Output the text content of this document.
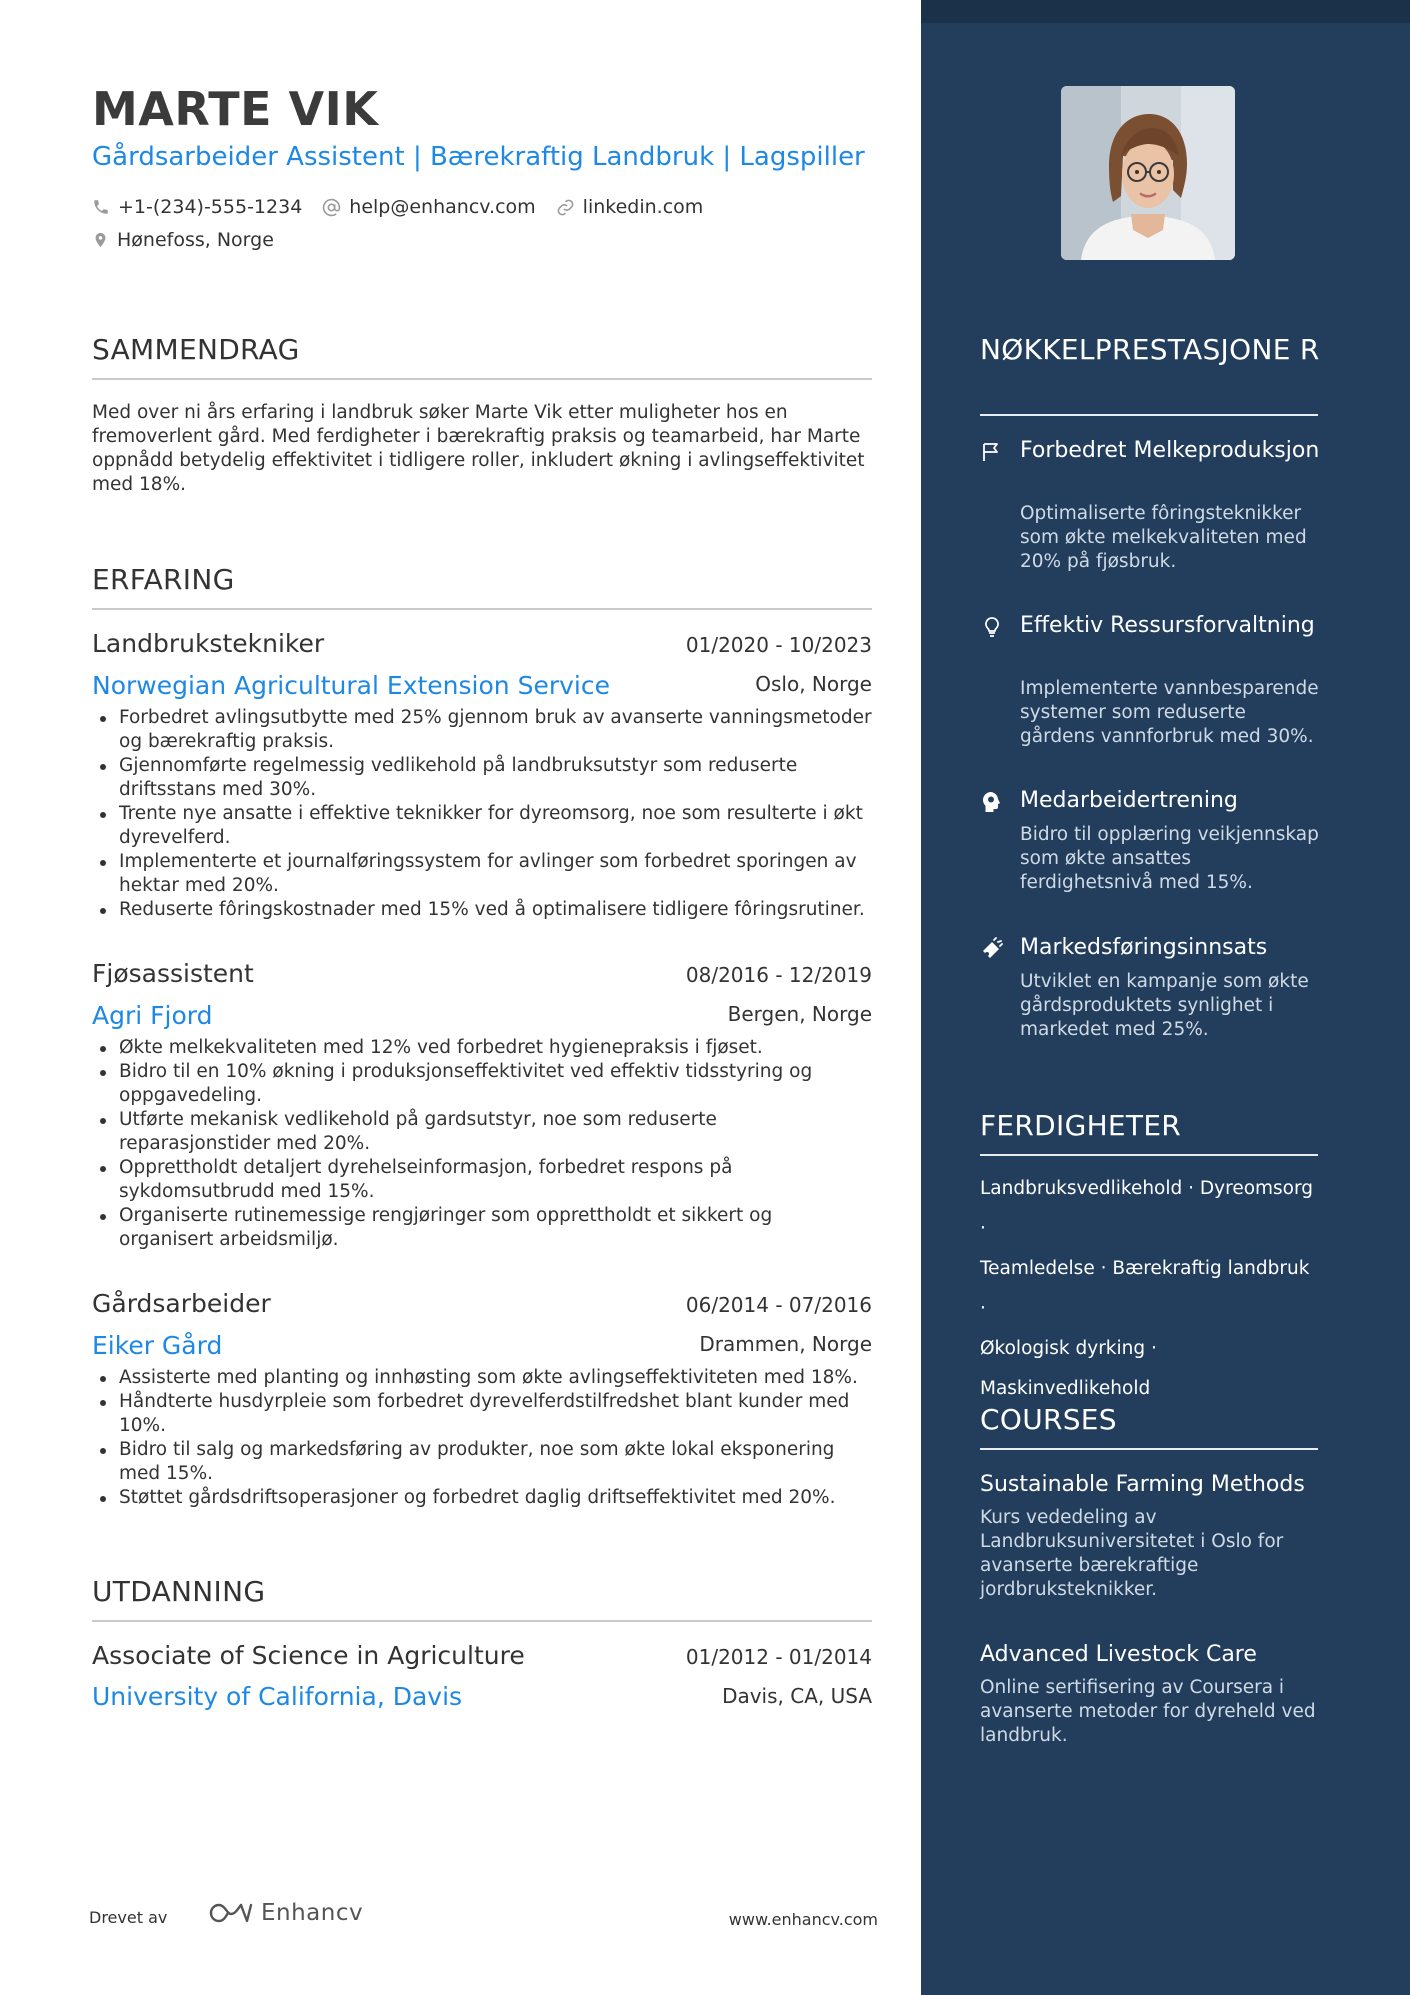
MARTE VIK
Gårdsarbeider Assistent | Bærekraftig Landbruk | Lagspiller
+1-(234)-555-1234 help@enhancv.com linkedin.com
Hønefoss, Norge
SAMMENDRAG
Med over ni års erfaring i landbruk søker Marte Vik etter muligheter hos en fremoverlent gård. Med ferdigheter i bærekraftig praksis og teamarbeid, har Marte oppnådd betydelig effektivitet i tidligere roller, inkludert økning i avlingseffektivitet med 18%.
ERFARING
Landbrukstekniker	01/2020 - 10/2023
Norwegian Agricultural Extension Service	Oslo, Norge
Forbedret avlingsutbytte med 25% gjennom bruk av avanserte vanningsmetoder og bærekraftig praksis.
Gjennomførte regelmessig vedlikehold på landbruksutstyr som reduserte driftsstans med 30%.
Trente nye ansatte i effektive teknikker for dyreomsorg, noe som resulterte i økt dyrevelferd.
Implementerte et journalføringssystem for avlinger som forbedret sporingen av hektar med 20%.
Reduserte fôringskostnader med 15% ved å optimalisere tidligere fôringsrutiner.
Fjøsassistent	08/2016 - 12/2019
Agri Fjord	Bergen, Norge
Økte melkekvaliteten med 12% ved forbedret hygienepraksis i fjøset.
Bidro til en 10% økning i produksjonseffektivitet ved effektiv tidsstyring og oppgavedeling.
Utførte mekanisk vedlikehold på gardsutstyr, noe som reduserte reparasjonstider med 20%.
Opprettholdt detaljert dyrehelseinformasjon, forbedret respons på sykdomsutbrudd med 15%.
Organiserte rutinemessige rengjøringer som opprettholdt et sikkert og organisert arbeidsmiljø.
Gårdsarbeider	06/2014 - 07/2016
Eiker Gård	Drammen, Norge
Assisterte med planting og innhøsting som økte avlingseffektiviteten med 18%.
Håndterte husdyrpleie som forbedret dyrevelferdstilfredshet blant kunder med 10%.
Bidro til salg og markedsføring av produkter, noe som økte lokal eksponering med 15%.
Støttet gårdsdriftsoperasjoner og forbedret daglig driftseffektivitet med 20%.
UTDANNING
Associate of Science in Agriculture	01/2012 - 01/2014
University of California, Davis	Davis, CA, USA
Drevet av	Enhancv	www.enhancv.com
NØKKELPRESTASJONE R
Forbedret Melkeproduksjon
Optimaliserte fôringsteknikker som økte melkekvaliteten med 20% på fjøsbruk.
Effektiv Ressursforvaltning
Implementerte vannbesparende systemer som reduserte gårdens vannforbruk med 30%.
Medarbeidertrening
Bidro til opplæring veikjennskap som økte ansattes ferdighetsnivå med 15%.
Markedsføringsinnsats
Utviklet en kampanje som økte gårdsproduktets synlighet i markedet med 25%.
FERDIGHETER
Landbruksvedlikehold · Dyreomsorg ·
Teamledelse · Bærekraftig landbruk ·
Økologisk dyrking ·
Maskinvedlikehold
COURSES
Sustainable Farming Methods
Kurs vededeling av Landbruksuniversitetet i Oslo for avanserte bærekraftige jordbruksteknikker.
Advanced Livestock Care
Online sertifisering av Coursera i avanserte metoder for dyreheld ved landbruk.
